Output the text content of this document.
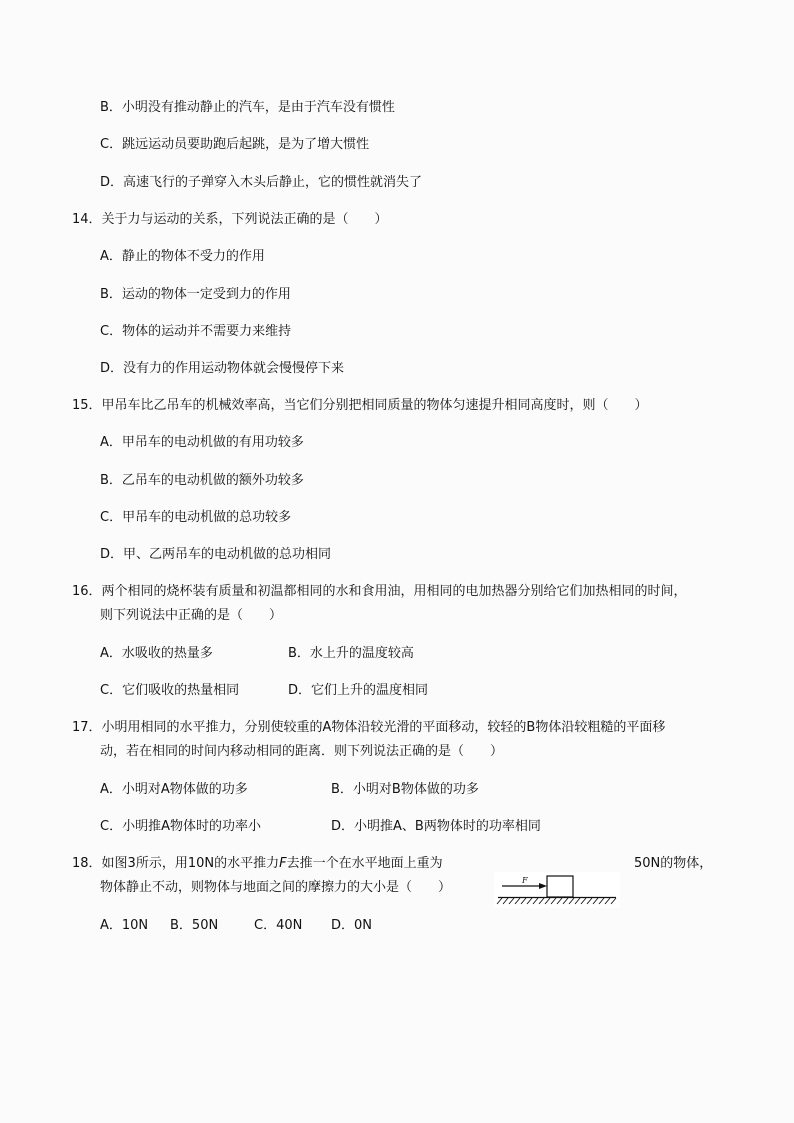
B．小明没有推动静止的汽车，是由于汽车没有惯性
C．跳远运动员要助跑后起跳，是为了增大惯性
D．高速飞行的子弹穿入木头后静止，它的惯性就消失了
14．关于力与运动的关系，下列说法正确的是（　　）
A．静止的物体不受力的作用
B．运动的物体一定受到力的作用
C．物体的运动并不需要力来维持
D．没有力的作用运动物体就会慢慢停下来
15．甲吊车比乙吊车的机械效率高，当它们分别把相同质量的物体匀速提升相同高度时，则（　　）
A．甲吊车的电动机做的有用功较多
B．乙吊车的电动机做的额外功较多
C．甲吊车的电动机做的总功较多
D．甲、乙两吊车的电动机做的总功相同
16．两个相同的烧杯装有质量和初温都相同的水和食用油，用相同的电加热器分别给它们加热相同的时间，
则下列说法中正确的是（　　）
A．水吸收的热量多	B．水上升的温度较高
C．它们吸收的热量相同	D．它们上升的温度相同
17．小明用相同的水平推力，分别使较重的A物体沿较光滑的平面移动，较轻的B物体沿较粗糙的平面移
动，若在相同的时间内移动相同的距离．则下列说法正确的是（　　）
A．小明对A物体做的功多	B．小明对B物体做的功多
C．小明推A物体时的功率小	D．小明推A、B两物体时的功率相同
18．如图3所示，用10N的水平推力F去推一个在水平地面上重为	50N的物体，
物体静止不动，则物体与地面之间的摩擦力的大小是（　　）	F
A．10N B．50N	C．40N D．0N
